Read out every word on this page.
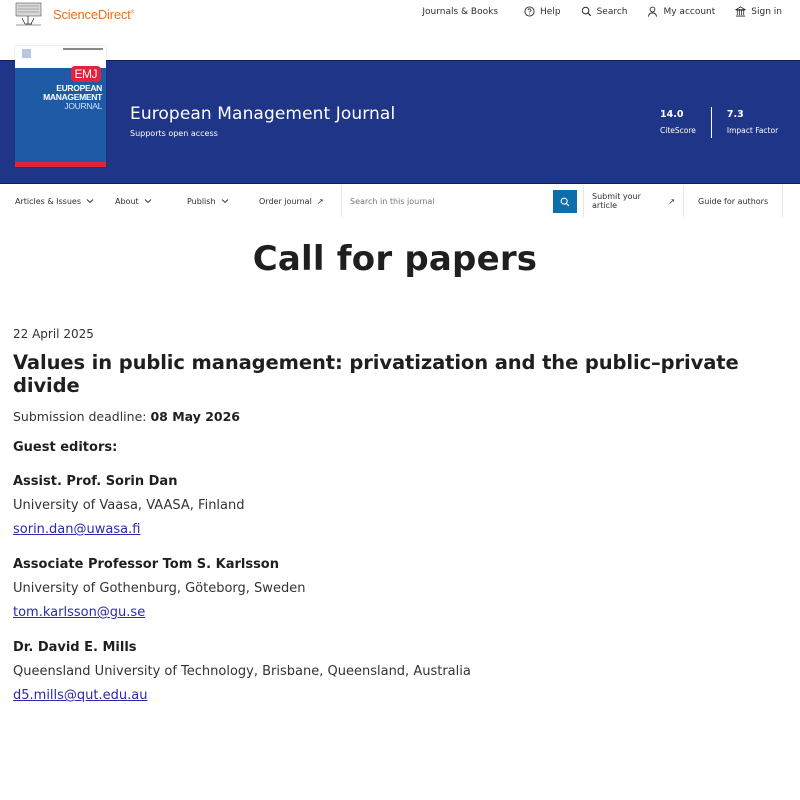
ScienceDirect®	Journals & Books	Help	Search	My account	Sign in
EMJ
EUROPEAN
MANAGEMENT
JOURNAL European Management Journal
Supports open access
14.0
CiteScore
7.3
Impact Factor
Articles & Issues	About	Publish	Order journal ↗
Search in this journal	Submit your article
	↗	Guide for authors
Call for papers
22 April 2025
Values in public management: privatization and the public–private divide
Submission deadline: 08 May 2026
Guest editors:
Assist. Prof. Sorin Dan
University of Vaasa, VAASA, Finland
sorin.dan@uwasa.fi
Associate Professor Tom S. Karlsson
University of Gothenburg, Göteborg, Sweden
tom.karlsson@gu.se
Dr. David E. Mills
Queensland University of Technology, Brisbane, Queensland, Australia
d5.mills@qut.edu.au
